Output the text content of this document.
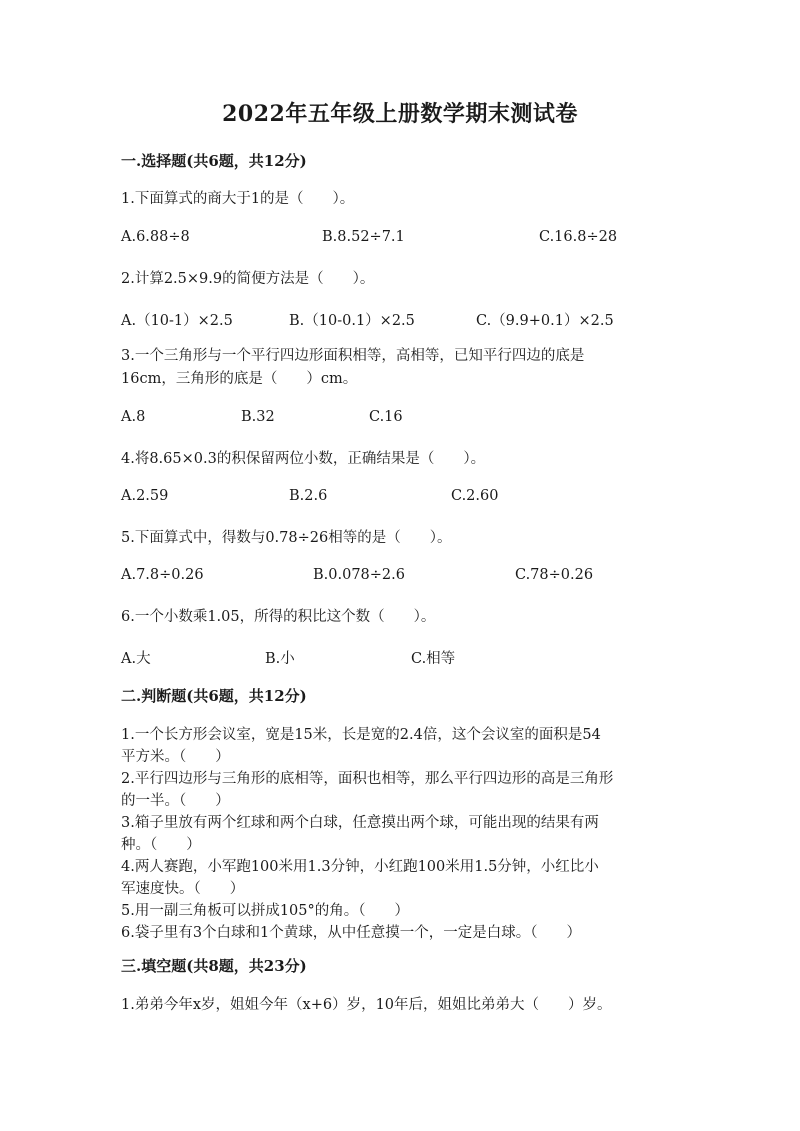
2022年五年级上册数学期末测试卷
一.选择题(共6题，共12分)
1.下面算式的商大于1的是（　　）。
A.6.88÷8	B.8.52÷7.1	C.16.8÷28
2.计算2.5×9.9的简便方法是（　　）。
A.（10-1）×2.5	B.（10-0.1）×2.5	C.（9.9+0.1）×2.5
3.一个三角形与一个平行四边形面积相等，高相等，已知平行四边的底是
16cm，三角形的底是（　　）cm。
A.8	B.32	C.16
4.将8.65×0.3的积保留两位小数，正确结果是（　　）。
A.2.59	B.2.6	C.2.60
5.下面算式中，得数与0.78÷26相等的是（　　）。
A.7.8÷0.26	B.0.078÷2.6	C.78÷0.26
6.一个小数乘1.05，所得的积比这个数（　　）。
A.大	B.小	C.相等
二.判断题(共6题，共12分)
1.一个长方形会议室，宽是15米，长是宽的2.4倍，这个会议室的面积是54
平方米。（　　）
2.平行四边形与三角形的底相等，面积也相等，那么平行四边形的高是三角形
的一半。（　　）
3.箱子里放有两个红球和两个白球，任意摸出两个球，可能出现的结果有两
种。（　　）
4.两人赛跑，小军跑100米用1.3分钟，小红跑100米用1.5分钟，小红比小
军速度快。（　　）
5.用一副三角板可以拼成105°的角。（　　）
6.袋子里有3个白球和1个黄球，从中任意摸一个，一定是白球。（　　）
三.填空题(共8题，共23分)
1.弟弟今年x岁，姐姐今年（x+6）岁，10年后，姐姐比弟弟大（　　）岁。
